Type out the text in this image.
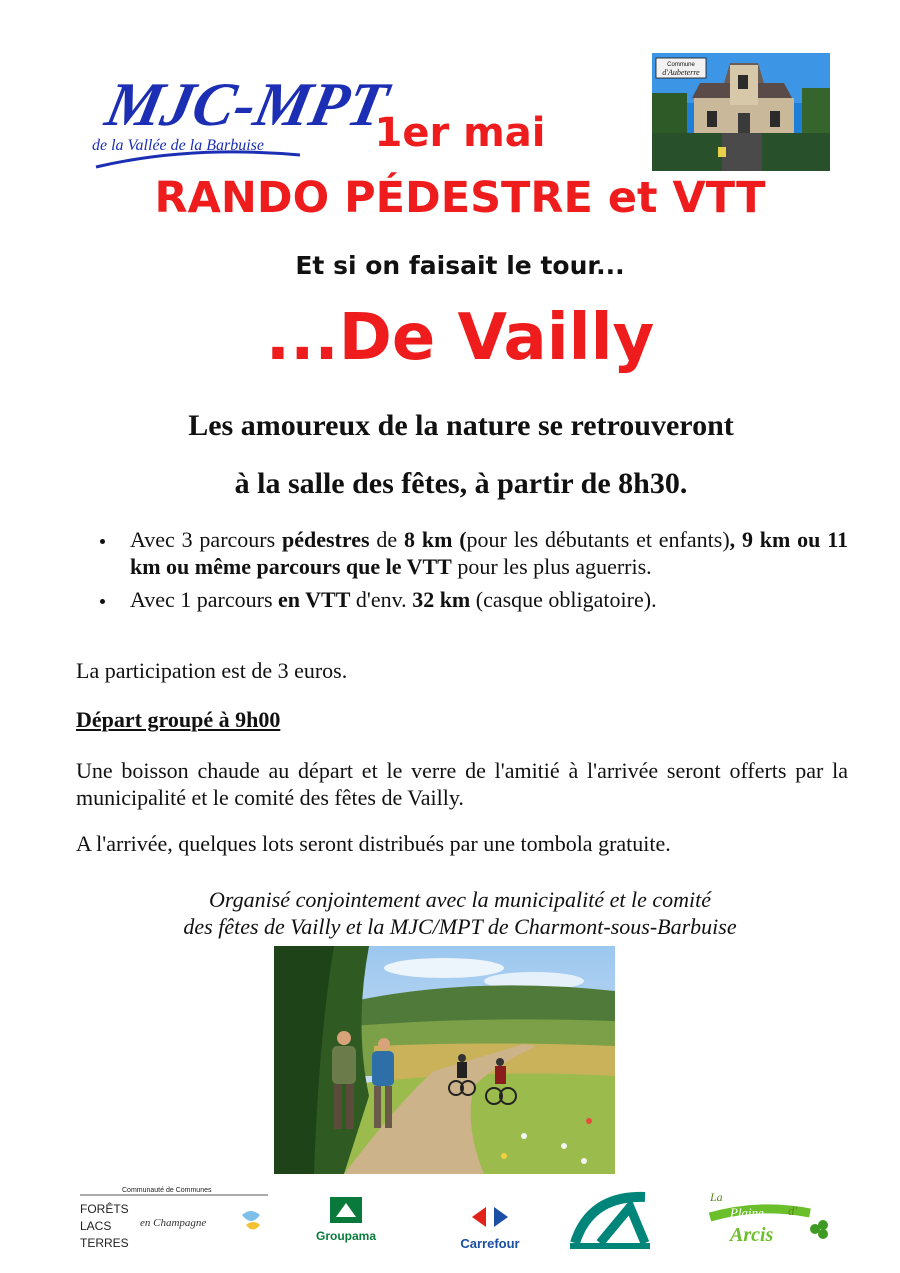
MJC-MPT
de la Vallée de la Barbuise
Commune
d'Aubeterre
1er mai
RANDO PÉDESTRE et VTT
Et si on faisait le tour...
...De Vailly
Les amoureux de la nature se retrouveront
à la salle des fêtes, à partir de 8h30.
Avec 3 parcours pédestres de 8 km (pour les débutants et enfants), 9 km ou 11 km ou même parcours que le VTT pour les plus aguerris.
Avec 1 parcours en VTT d'env. 32 km (casque obligatoire).
La participation est de 3 euros.
Départ groupé à 9h00
Une boisson chaude au départ et le verre de l'amitié à l'arrivée seront offerts par la municipalité et le comité des fêtes de Vailly.
A l'arrivée, quelques lots seront distribués par une tombola gratuite.
Organisé conjointement avec la municipalité et le comité
des fêtes de Vailly et la MJC/MPT de Charmont-sous-Barbuise
Communauté de Communes
FORÊTS
LACS
TERRES
en Champagne
Groupama	Carrefour
La
Plaine d'
Arcis
